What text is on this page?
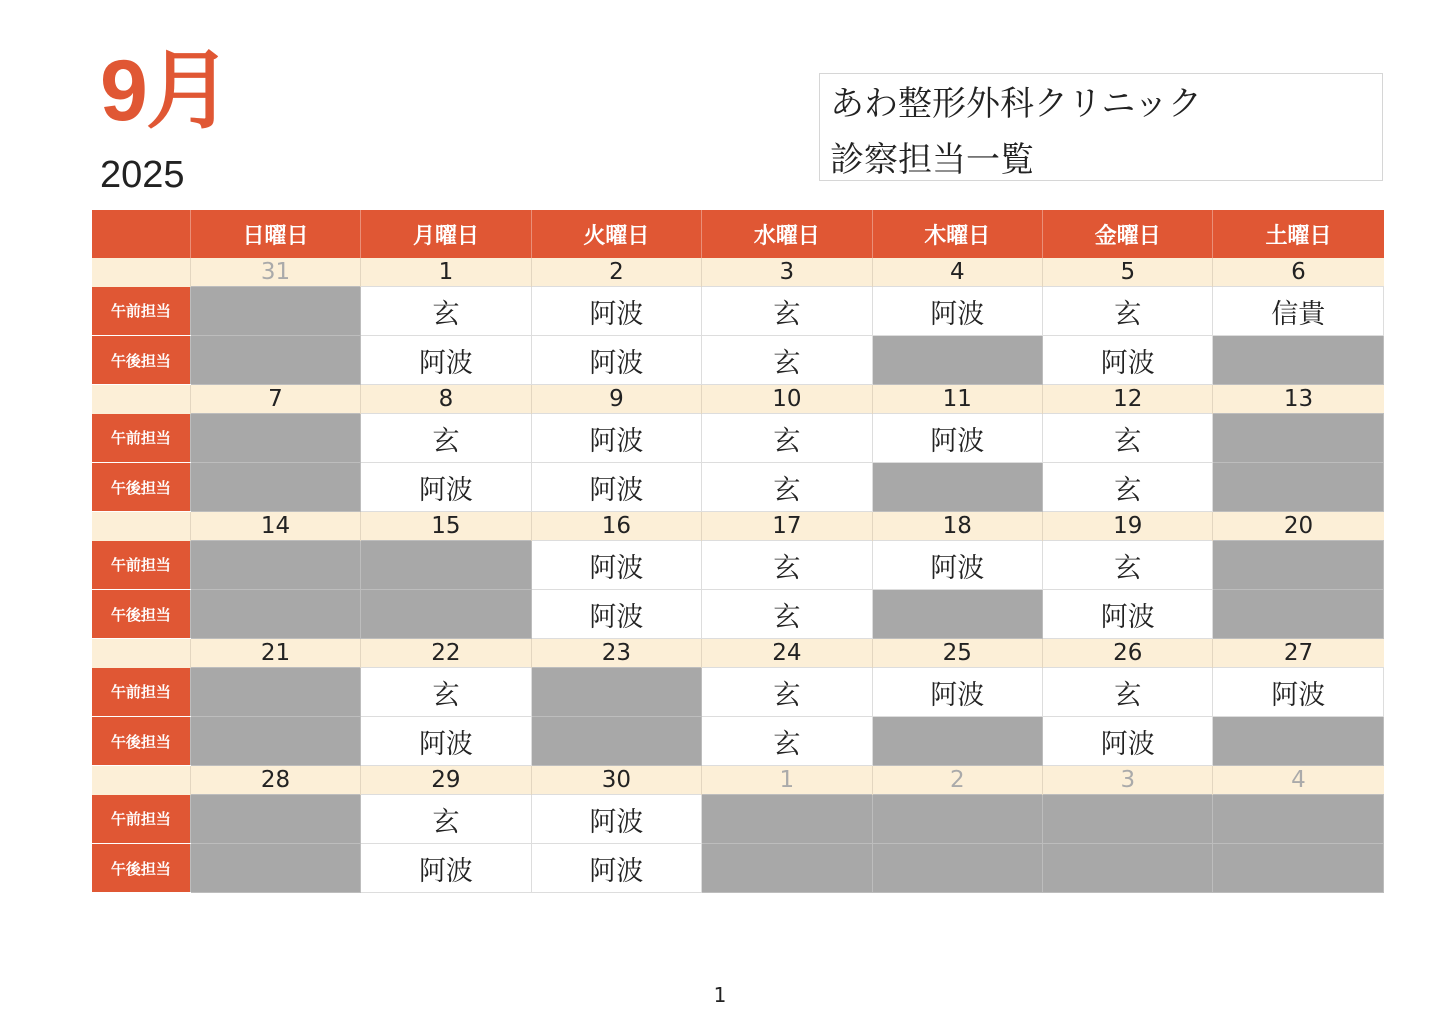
9月
2025
あわ整形外科クリニック
診察担当一覧
	日曜日	月曜日	火曜日	水曜日	木曜日	金曜日	土曜日
	31	1	2	3	4	5	6
午前担当		玄	阿波	玄	阿波	玄	信貴
午後担当		阿波	阿波	玄		阿波	
	7	8	9	10	11	12	13
午前担当		玄	阿波	玄	阿波	玄	
午後担当		阿波	阿波	玄		玄	
	14	15	16	17	18	19	20
午前担当			阿波	玄	阿波	玄	
午後担当			阿波	玄		阿波	
	21	22	23	24	25	26	27
午前担当		玄		玄	阿波	玄	阿波
午後担当		阿波		玄		阿波	
	28	29	30	1	2	3	4
午前担当		玄	阿波				
午後担当		阿波	阿波				
1
